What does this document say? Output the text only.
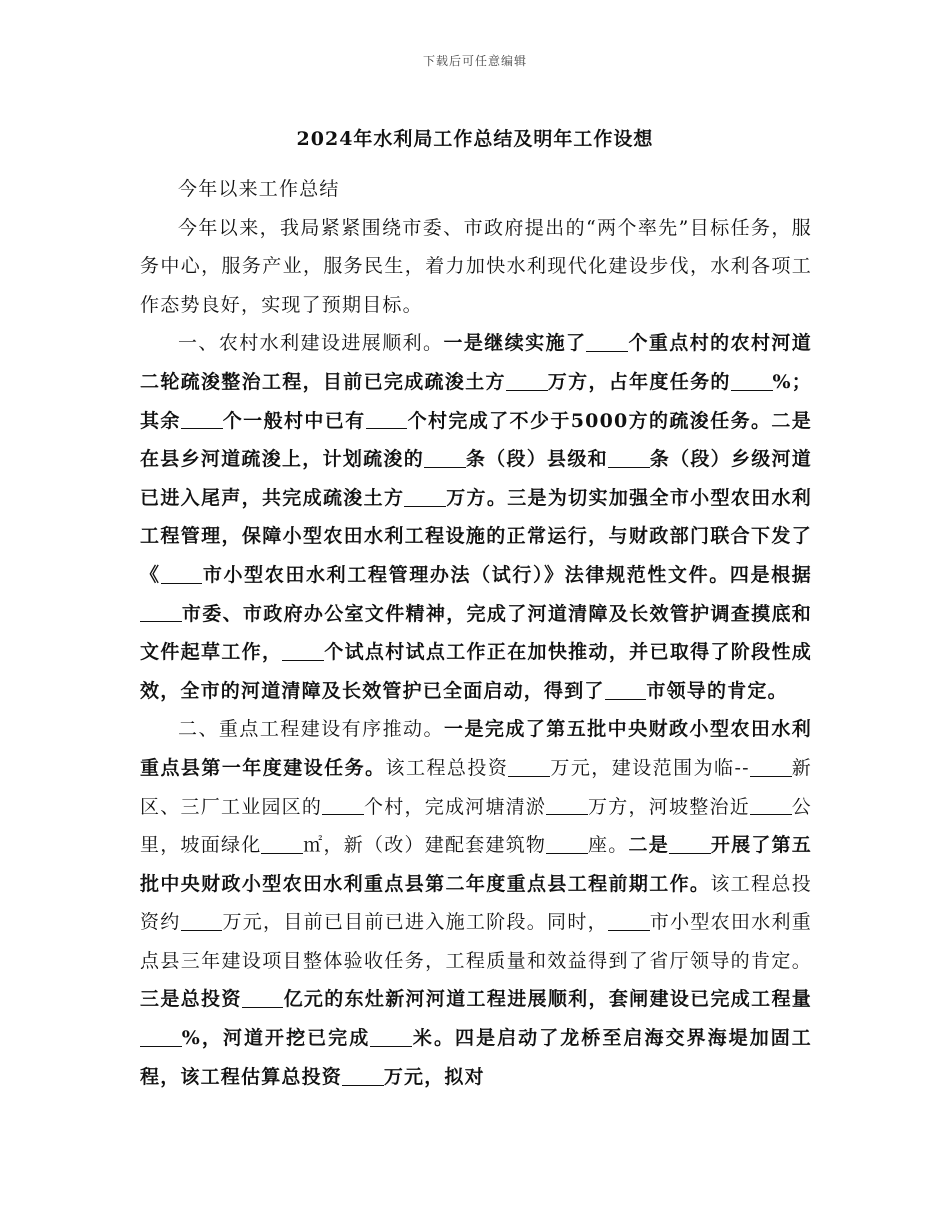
下载后可任意编辑
2024年水利局工作总结及明年工作设想

今年以来工作总结

今年以来，我局紧紧围绕市委、市政府提出的“两个率先”目标任务，服务中心，服务产业，服务民生，着力加快水利现代化建设步伐，水利各项工作态势良好，实现了预期目标。

一、农村水利建设进展顺利。一是继续实施了 个重点村的农村河道二轮疏浚整治工程，目前已完成疏浚土方 万方，占年度任务的 %；其余 个一般村中已有 个村完成了不少于5000方的疏浚任务。二是在县乡河道疏浚上，计划疏浚的 条（段）县级和 条（段）乡级河道已进入尾声，共完成疏浚土方 万方。三是为切实加强全市小型农田水利工程管理，保障小型农田水利工程设施的正常运行，与财政部门联合下发了《 市小型农田水利工程管理办法（试行）》法律规范性文件。四是根据市委、市政府办公室文件精神，完成了河道清障及长效管护调查摸底和文件起草工作， 个试点村试点工作正在加快推动，并已取得了阶段性成效，全市的河道清障及长效管护已全面启动，得到了 市领导的肯定。

二、重点工程建设有序推动。一是完成了第五批中央财政小型农田水利重点县第一年度建设任务。该工程总投资 万元，建设范围为临-- 新区、三厂工业园区的 个村，完成河塘清淤 万方，河坡整治近 公里，坡面绿化 ㎡，新（改）建配套建筑物 座。二是 开展了第五批中央财政小型农田水利重点县第二年度重点县工程前期工作。该工程总投资约 万元，目前已目前已进入施工阶段。同时， 市小型农田水利重点县三年建设项目整体验收任务，工程质量和效益得到了省厅领导的肯定。三是总投资 亿元的东灶新河河道工程进展顺利，套闸建设已完成工程量%，河道开挖已完成 米。四是启动了龙桥至启海交界海堤加固工程，该工程估算总投资 万元，拟对
